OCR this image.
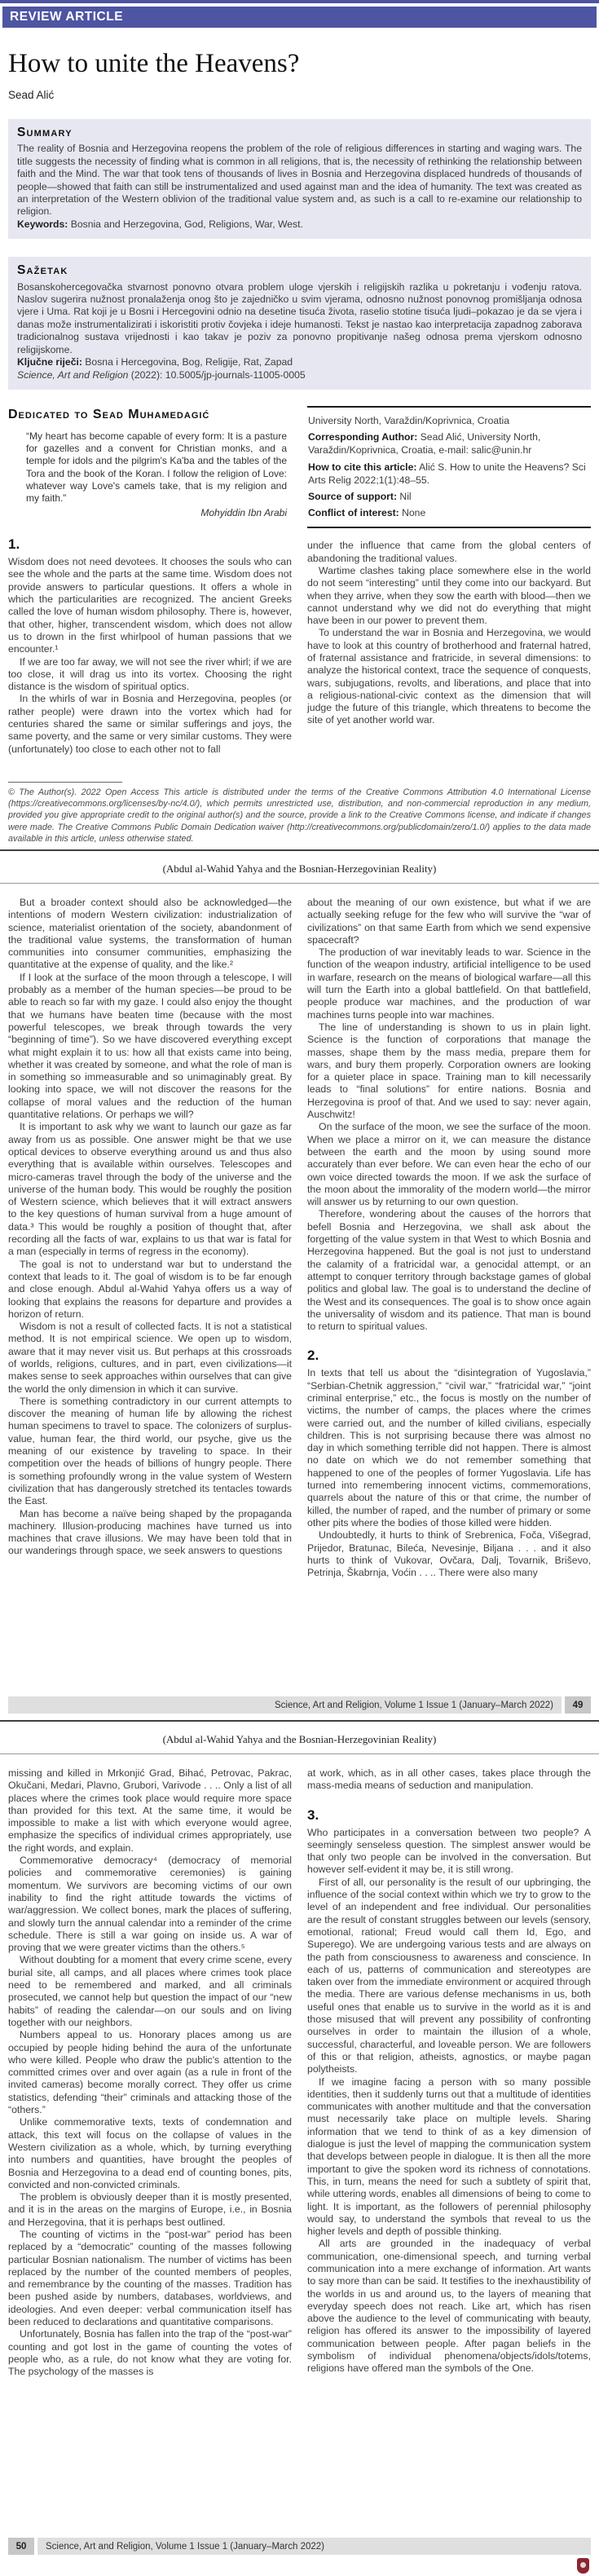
REVIEW ARTICLE
How to unite the Heavens?
Sead Alić
Summary

The reality of Bosnia and Herzegovina reopens the problem of the role of religious differences in starting and waging wars. The title suggests the necessity of finding what is common in all religions, that is, the necessity of rethinking the relationship between faith and the Mind. The war that took tens of thousands of lives in Bosnia and Herzegovina displaced hundreds of thousands of people—showed that faith can still be instrumentalized and used against man and the idea of humanity. The text was created as an interpretation of the Western oblivion of the traditional value system and, as such is a call to re-examine our relationship to religion.

Keywords: Bosnia and Herzegovina, God, Religions, War, West.

Sažetak

Bosanskohercegovačka stvarnost ponovno otvara problem uloge vjerskih i religijskih razlika u pokretanju i vođenju ratova. Naslov sugerira nužnost pronalaženja onog što je zajedničko u svim vjerama, odnosno nužnost ponovnog promišljanja odnosa vjere i Uma. Rat koji je u Bosni i Hercegovini odnio na desetine tisuća života, raselio stotine tisuća ljudi–pokazao je da se vjera i danas može instrumentalizirati i iskoristiti protiv čovjeka i ideje humanosti. Tekst je nastao kao interpretacija zapadnog zaborava tradicionalnog sustava vrijednosti i kao takav je poziv za ponovno propitivanje našeg odnosa prema vjerskom odnosno religijskome.

Ključne riječi: Bosna i Hercegovina, Bog, Religije, Rat, Zapad

Science, Art and Religion (2022): 10.5005/jp-journals-11005-0005

Dedicated to Sead Muhamedagić
“My heart has become capable of every form: It is a pasture for gazelles and a convent for Christian monks, and a temple for idols and the pilgrim's Ka'ba and the tables of the Tora and the book of the Koran. I follow the religion of Love: whatever way Love's camels take, that is my religion and my faith.”
Mohyiddin Ibn Arabi
1.

Wisdom does not need devotees. It chooses the souls who can see the whole and the parts at the same time. Wisdom does not provide answers to particular questions. It offers a whole in which the particularities are recognized. The ancient Greeks called the love of human wisdom philosophy. There is, however, that other, higher, transcendent wisdom, which does not allow us to drown in the first whirlpool of human passions that we encounter.¹

If we are too far away, we will not see the river whirl; if we are too close, it will drag us into its vortex. Choosing the right distance is the wisdom of spiritual optics.

In the whirls of war in Bosnia and Herzegovina, peoples (or rather people) were drawn into the vortex which had for centuries shared the same or similar sufferings and joys, the same poverty, and the same or very similar customs. They were (unfortunately) too close to each other not to fall

University North, Varaždin/Koprivnica, Croatia
Corresponding Author: Sead Alić, University North, Varaždin/Koprivnica, Croatia, e-mail: salic@unin.hr
How to cite this article: Alić S. How to unite the Heavens? Sci Arts Relig 2022;1(1):48–55.
Source of support: Nil
Conflict of interest: None

under the influence that came from the global centers of abandoning the traditional values.

Wartime clashes taking place somewhere else in the world do not seem “interesting” until they come into our backyard. But when they arrive, when they sow the earth with blood—then we cannot understand why we did not do everything that might have been in our power to prevent them.

To understand the war in Bosnia and Herzegovina, we would have to look at this country of brotherhood and fraternal hatred, of fraternal assistance and fratricide, in several dimensions: to analyze the historical context, trace the sequence of conquests, wars, subjugations, revolts, and liberations, and place that into a religious-national-civic context as the dimension that will judge the future of this triangle, which threatens to become the site of yet another world war.

© The Author(s). 2022 Open Access This article is distributed under the terms of the Creative Commons Attribution 4.0 International License (https://creativecommons.org/licenses/by-nc/4.0/), which permits unrestricted use, distribution, and non-commercial reproduction in any medium, provided you give appropriate credit to the original author(s) and the source, provide a link to the Creative Commons license, and indicate if changes were made. The Creative Commons Public Domain Dedication waiver (http://creativecommons.org/publicdomain/zero/1.0/) applies to the data made available in this article, unless otherwise stated.

(Abdul al-Wahid Yahya and the Bosnian-Herzegovinian Reality)

But a broader context should also be acknowledged—the intentions of modern Western civilization: industrialization of science, materialist orientation of the society, abandonment of the traditional value systems, the transformation of human communities into consumer communities, emphasizing the quantitative at the expense of quality, and the like.²

If I look at the surface of the moon through a telescope, I will probably as a member of the human species—be proud to be able to reach so far with my gaze. I could also enjoy the thought that we humans have beaten time (because with the most powerful telescopes, we break through towards the very “beginning of time”). So we have discovered everything except what might explain it to us: how all that exists came into being, whether it was created by someone, and what the role of man is in something so immeasurable and so unimaginably great. By looking into space, we will not discover the reasons for the collapse of moral values and the reduction of the human quantitative relations. Or perhaps we will?

It is important to ask why we want to launch our gaze as far away from us as possible. One answer might be that we use optical devices to observe everything around us and thus also everything that is available within ourselves. Telescopes and micro-cameras travel through the body of the universe and the universe of the human body. This would be roughly the position of Western science, which believes that it will extract answers to the key questions of human survival from a huge amount of data.³ This would be roughly a position of thought that, after recording all the facts of war, explains to us that war is fatal for a man (especially in terms of regress in the economy).

The goal is not to understand war but to understand the context that leads to it. The goal of wisdom is to be far enough and close enough. Abdul al-Wahid Yahya offers us a way of looking that explains the reasons for departure and provides a horizon of return.

Wisdom is not a result of collected facts. It is not a statistical method. It is not empirical science. We open up to wisdom, aware that it may never visit us. But perhaps at this crossroads of worlds, religions, cultures, and in part, even civilizations—it makes sense to seek approaches within ourselves that can give the world the only dimension in which it can survive.

There is something contradictory in our current attempts to discover the meaning of human life by allowing the richest human specimens to travel to space. The colonizers of surplus-value, human fear, the third world, our psyche, give us the meaning of our existence by traveling to space. In their competition over the heads of billions of hungry people. There is something profoundly wrong in the value system of Western civilization that has dangerously stretched its tentacles towards the East.

Man has become a naïve being shaped by the propaganda machinery. Illusion-producing machines have turned us into machines that crave illusions. We may have been told that in our wanderings through space, we seek answers to questions

about the meaning of our own existence, but what if we are actually seeking refuge for the few who will survive the “war of civilizations” on that same Earth from which we send expensive spacecraft?

The production of war inevitably leads to war. Science in the function of the weapon industry, artificial intelligence to be used in warfare, research on the means of biological warfare—all this will turn the Earth into a global battlefield. On that battlefield, people produce war machines, and the production of war machines turns people into war machines.

The line of understanding is shown to us in plain light. Science is the function of corporations that manage the masses, shape them by the mass media, prepare them for wars, and bury them properly. Corporation owners are looking for a quieter place in space. Training man to kill necessarily leads to “final solutions” for entire nations. Bosnia and Herzegovina is proof of that. And we used to say: never again, Auschwitz!

On the surface of the moon, we see the surface of the moon. When we place a mirror on it, we can measure the distance between the earth and the moon by using sound more accurately than ever before. We can even hear the echo of our own voice directed towards the moon. If we ask the surface of the moon about the immorality of the modern world—the mirror will answer us by returning to our own question.

Therefore, wondering about the causes of the horrors that befell Bosnia and Herzegovina, we shall ask about the forgetting of the value system in that West to which Bosnia and Herzegovina happened. But the goal is not just to understand the calamity of a fratricidal war, a genocidal attempt, or an attempt to conquer territory through backstage games of global politics and global law. The goal is to understand the decline of the West and its consequences. The goal is to show once again the universality of wisdom and its patience. That man is bound to return to spiritual values.

2.

In texts that tell us about the “disintegration of Yugoslavia,” “Serbian-Chetnik aggression,” “civil war,” “fratricidal war,” “joint criminal enterprise,” etc., the focus is mostly on the number of victims, the number of camps, the places where the crimes were carried out, and the number of killed civilians, especially children. This is not surprising because there was almost no day in which something terrible did not happen. There is almost no date on which we do not remember something that happened to one of the peoples of former Yugoslavia. Life has turned into remembering innocent victims, commemorations, quarrels about the nature of this or that crime, the number of killed, the number of raped, and the number of primary or some other pits where the bodies of those killed were hidden.

Undoubtedly, it hurts to think of Srebrenica, Foča, Višegrad, Prijedor, Bratunac, Bileća, Nevesinje, Biljana . . . and it also hurts to think of Vukovar, Ovčara, Dalj, Tovarnik, Briševo, Petrinja, Škabrnja, Voćin . . .. There were also many

Science, Art and Religion, Volume 1 Issue 1 (January–March 2022)	49
(Abdul al-Wahid Yahya and the Bosnian-Herzegovinian Reality)

missing and killed in Mrkonjić Grad, Bihać, Petrovac, Pakrac, Okučani, Medari, Plavno, Grubori, Varivode . . .. Only a list of all places where the crimes took place would require more space than provided for this text. At the same time, it would be impossible to make a list with which everyone would agree, emphasize the specifics of individual crimes appropriately, use the right words, and explain.

Commemorative democracy⁴ (democracy of memorial policies and commemorative ceremonies) is gaining momentum. We survivors are becoming victims of our own inability to find the right attitude towards the victims of war/aggression. We collect bones, mark the places of suffering, and slowly turn the annual calendar into a reminder of the crime schedule. There is still a war going on inside us. A war of proving that we were greater victims than the others.⁵

Without doubting for a moment that every crime scene, every burial site, all camps, and all places where crimes took place need to be remembered and marked, and all criminals prosecuted, we cannot help but question the impact of our “new habits” of reading the calendar—on our souls and on living together with our neighbors.

Numbers appeal to us. Honorary places among us are occupied by people hiding behind the aura of the unfortunate who were killed. People who draw the public's attention to the committed crimes over and over again (as a rule in front of the invited cameras) become morally correct. They offer us crime statistics, defending “their” criminals and attacking those of the “others.”

Unlike commemorative texts, texts of condemnation and attack, this text will focus on the collapse of values in the Western civilization as a whole, which, by turning everything into numbers and quantities, have brought the peoples of Bosnia and Herzegovina to a dead end of counting bones, pits, convicted and non-convicted criminals.

The problem is obviously deeper than it is mostly presented, and it is in the areas on the margins of Europe, i.e., in Bosnia and Herzegovina, that it is perhaps best outlined.

The counting of victims in the “post-war” period has been replaced by a “democratic” counting of the masses following particular Bosnian nationalism. The number of victims has been replaced by the number of the counted members of peoples, and remembrance by the counting of the masses. Tradition has been pushed aside by numbers, databases, worldviews, and ideologies. And even deeper: verbal communication itself has been reduced to declarations and quantitative comparisons.

Unfortunately, Bosnia has fallen into the trap of the “post-war” counting and got lost in the game of counting the votes of people who, as a rule, do not know what they are voting for. The psychology of the masses is

at work, which, as in all other cases, takes place through the mass-media means of seduction and manipulation.

3.

Who participates in a conversation between two people? A seemingly senseless question. The simplest answer would be that only two people can be involved in the conversation. But however self-evident it may be, it is still wrong.

First of all, our personality is the result of our upbringing, the influence of the social context within which we try to grow to the level of an independent and free individual. Our personalities are the result of constant struggles between our levels (sensory, emotional, rational; Freud would call them Id, Ego, and Superego). We are undergoing various tests and are always on the path from consciousness to awareness and conscience. In each of us, patterns of communication and stereotypes are taken over from the immediate environment or acquired through the media. There are various defense mechanisms in us, both useful ones that enable us to survive in the world as it is and those misused that will prevent any possibility of confronting ourselves in order to maintain the illusion of a whole, successful, characterful, and loveable person. We are followers of this or that religion, atheists, agnostics, or maybe pagan polytheists.

If we imagine facing a person with so many possible identities, then it suddenly turns out that a multitude of identities communicates with another multitude and that the conversation must necessarily take place on multiple levels. Sharing information that we tend to think of as a key dimension of dialogue is just the level of mapping the communication system that develops between people in dialogue. It is then all the more important to give the spoken word its richness of connotations. This, in turn, means the need for such a subtlety of spirit that, while uttering words, enables all dimensions of being to come to light. It is important, as the followers of perennial philosophy would say, to understand the symbols that reveal to us the higher levels and depth of possible thinking.

All arts are grounded in the inadequacy of verbal communication, one-dimensional speech, and turning verbal communication into a mere exchange of information. Art wants to say more than can be said. It testifies to the inexhaustibility of the worlds in us and around us, to the layers of meaning that everyday speech does not reach. Like art, which has risen above the audience to the level of communicating with beauty, religion has offered its answer to the impossibility of layered communication between people. After pagan beliefs in the symbolism of individual phenomena/objects/idols/totems, religions have offered man the symbols of the One.

50	Science, Art and Religion, Volume 1 Issue 1 (January–March 2022)
